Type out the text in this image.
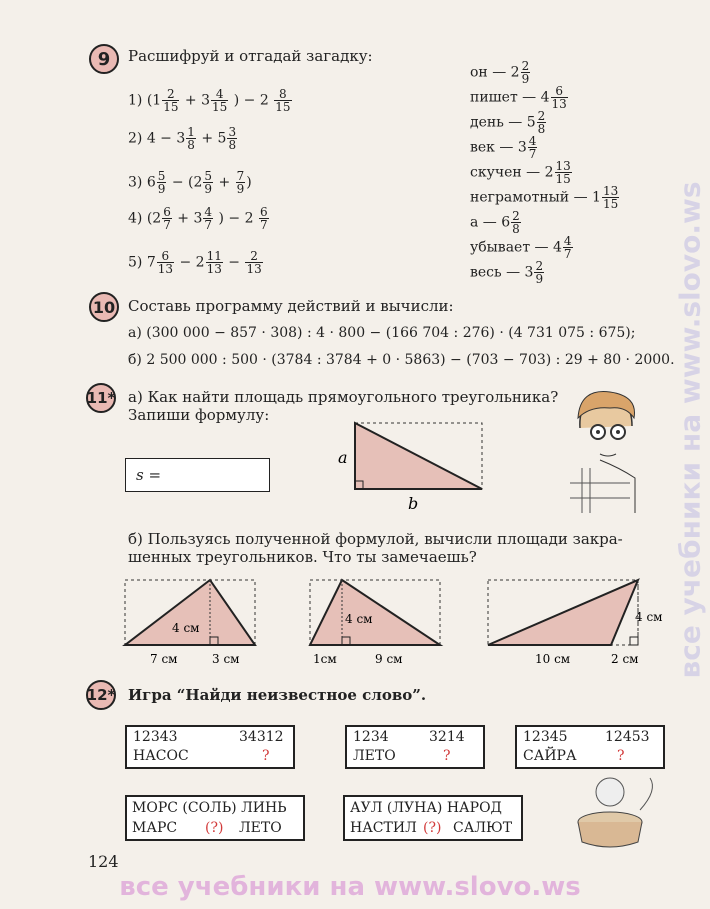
9 Расшифруй и отгадай загадку:
1) ($1 \frac{2}{15} + 3 \frac{4}{15}$ ) − $2 \frac{8}{15}$
2) $4 - 3 \frac{1}{8} + 5 \frac{3}{8}$
3) $6 \frac{5}{9} - (2 \frac{5}{9} + \frac{7}{9}$ )
4) ($2 \frac{6}{7} + 3 \frac{4}{7}$ ) − $2 \frac{6}{7}$
5) $7 \frac{6}{13} - 2 \frac{11}{13} - \frac{2}{13}$
он — $2 \frac{2}{9}$
пишет — $4 \frac{6}{13}$
день — $5 \frac{2}{8}$
век — $3 \frac{4}{7}$
скучен — $2 \frac{13}{15}$
неграмотный — $1 \frac{13}{15}$
а — $6 \frac{2}{8}$
убывает — $4 \frac{4}{7}$
весь — $3 \frac{2}{9}$
10 Составь программу действий и вычисли:
а) (300 000 − 857 · 308) : 4 · 800 − (166 704 : 276) · (4 731 075 : 675);
б) 2 500 000 : 500 · (3784 : 3784 + 0 · 5863) − (703 − 703) : 29 + 80 · 2000.
11* а) Как найти площадь прямоугольного треугольника?
Запиши формулу:
s =
a
b
б) Пользуясь полученной формулой, вычисли площади закра-
шенных треугольников. Что ты замечаешь?
4 см
7 см	3 см
4 см
1см	9 см
4 см
10 см	2 см
12* Игра “Найди неизвестное слово”.
12343	34312
НАСОС	?
1234	3214
ЛЕТО	?
12345	12453
САЙРА	?
МОРС (СОЛЬ) ЛИНЬ
МАРС (?) ЛЕТО
АУЛ (ЛУНА) НАРОД
НАСТИЛ (?) САЛЮТ
124
все учебники на www.slovo.ws
все учебники на www.slovo.ws
